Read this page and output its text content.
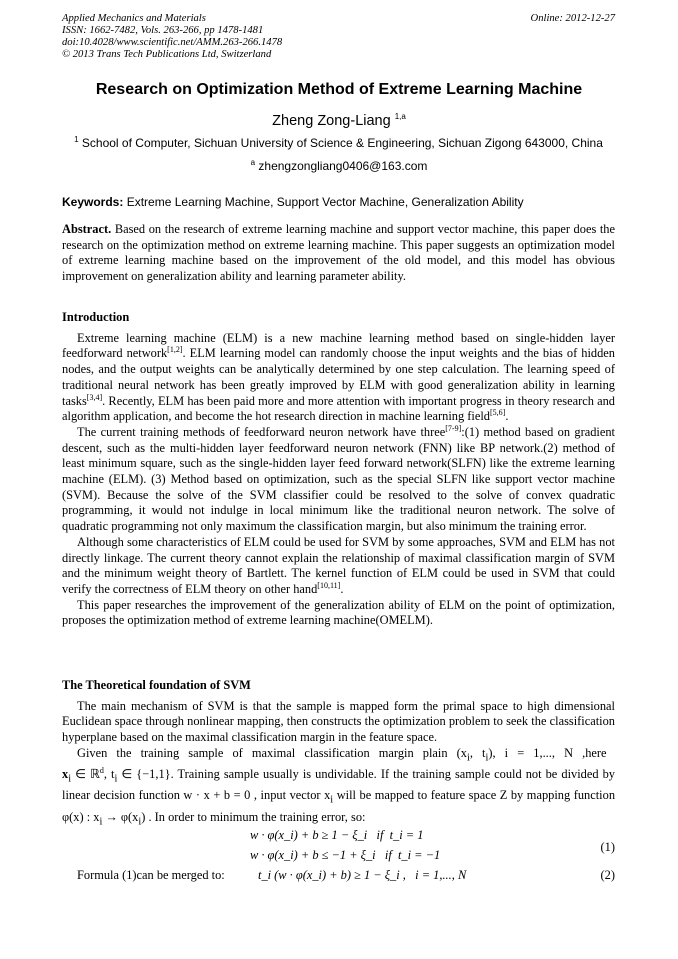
Applied Mechanics and Materials
ISSN: 1662-7482, Vols. 263-266, pp 1478-1481
doi:10.4028/www.scientific.net/AMM.263-266.1478
© 2013 Trans Tech Publications Ltd, Switzerland
Online: 2012-12-27
Research on Optimization Method of Extreme Learning Machine
Zheng Zong-Liang $^{1,a}$
$^1$ School of Computer, Sichuan University of Science & Engineering, Sichuan Zigong 643000, China
$^a$ zhengzongliang0406@163.com
Keywords: Extreme Learning Machine, Support Vector Machine, Generalization Ability

Abstract. Based on the research of extreme learning machine and support vector machine, this paper does the research on the optimization method on extreme learning machine. This paper suggests an optimization model of extreme learning machine based on the improvement of the old model, and this model has obvious improvement on generalization ability and learning parameter ability.

Introduction

Extreme learning machine (ELM) is a new machine learning method based on single-hidden layer feedforward network[1,2]. ELM learning model can randomly choose the input weights and the bias of hidden nodes, and the output weights can be analytically determined by one step calculation. The learning speed of traditional neural network has been greatly improved by ELM with good generalization ability in learning tasks[3,4]. Recently, ELM has been paid more and more attention with important progress in theory research and algorithm application, and become the hot research direction in machine learning field[5,6].

The current training methods of feedforward neuron network have three[7-9]:(1) method based on gradient descent, such as the multi-hidden layer feedforward neuron network (FNN) like BP network.(2) method of least minimum square, such as the single-hidden layer feed forward network(SLFN) like the extreme learning machine (ELM). (3) Method based on optimization, such as the special SLFN like support vector machine (SVM). Because the solve of the SVM classifier could be resolved to the solve of convex quadratic programming, it would not indulge in local minimum like the traditional neuron network. The solve of quadratic programming not only maximum the classification margin, but also minimum the training error.

Although some characteristics of ELM could be used for SVM by some approaches, SVM and ELM has not directly linkage. The current theory cannot explain the relationship of maximal classification margin of SVM and the minimum weight theory of Bartlett. The kernel function of ELM could be used in SVM that could verify the correctness of ELM theory on other hand[10,11].

This paper researches the improvement of the generalization ability of ELM on the point of optimization, proposes the optimization method of extreme learning machine(OMELM).

The Theoretical foundation of SVM

The main mechanism of SVM is that the sample is mapped form the primal space to high dimensional Euclidean space through nonlinear mapping, then constructs the optimization problem to seek the classification hyperplane based on the maximal classification margin in the feature space.

Given the training sample of maximal classification margin plain ($x_i$, $t_i$), i = 1,..., N ,here

$x_i$ ∈ ℝ$^d$, $t_i$ ∈ {−1,1}. Training sample usually is undividable. If the training sample could not be divided by linear decision function w · x + b = 0 , input vector $x_i$ will be mapped to feature space Z by mapping function φ(x) : $x_i \to \varphi(x_i)$ . In order to minimum the training error, so:

w · φ(x_i) + b ≥ 1 − ξ_i   if  t_i = 1
w · φ(x_i) + b ≤ −1 + ξ_i   if  t_i = −1
(1)
Formula (1)can be merged to:	t_i (w · φ(x_i) + b) ≥ 1 − ξ_i ,   i = 1,..., N	(2)
